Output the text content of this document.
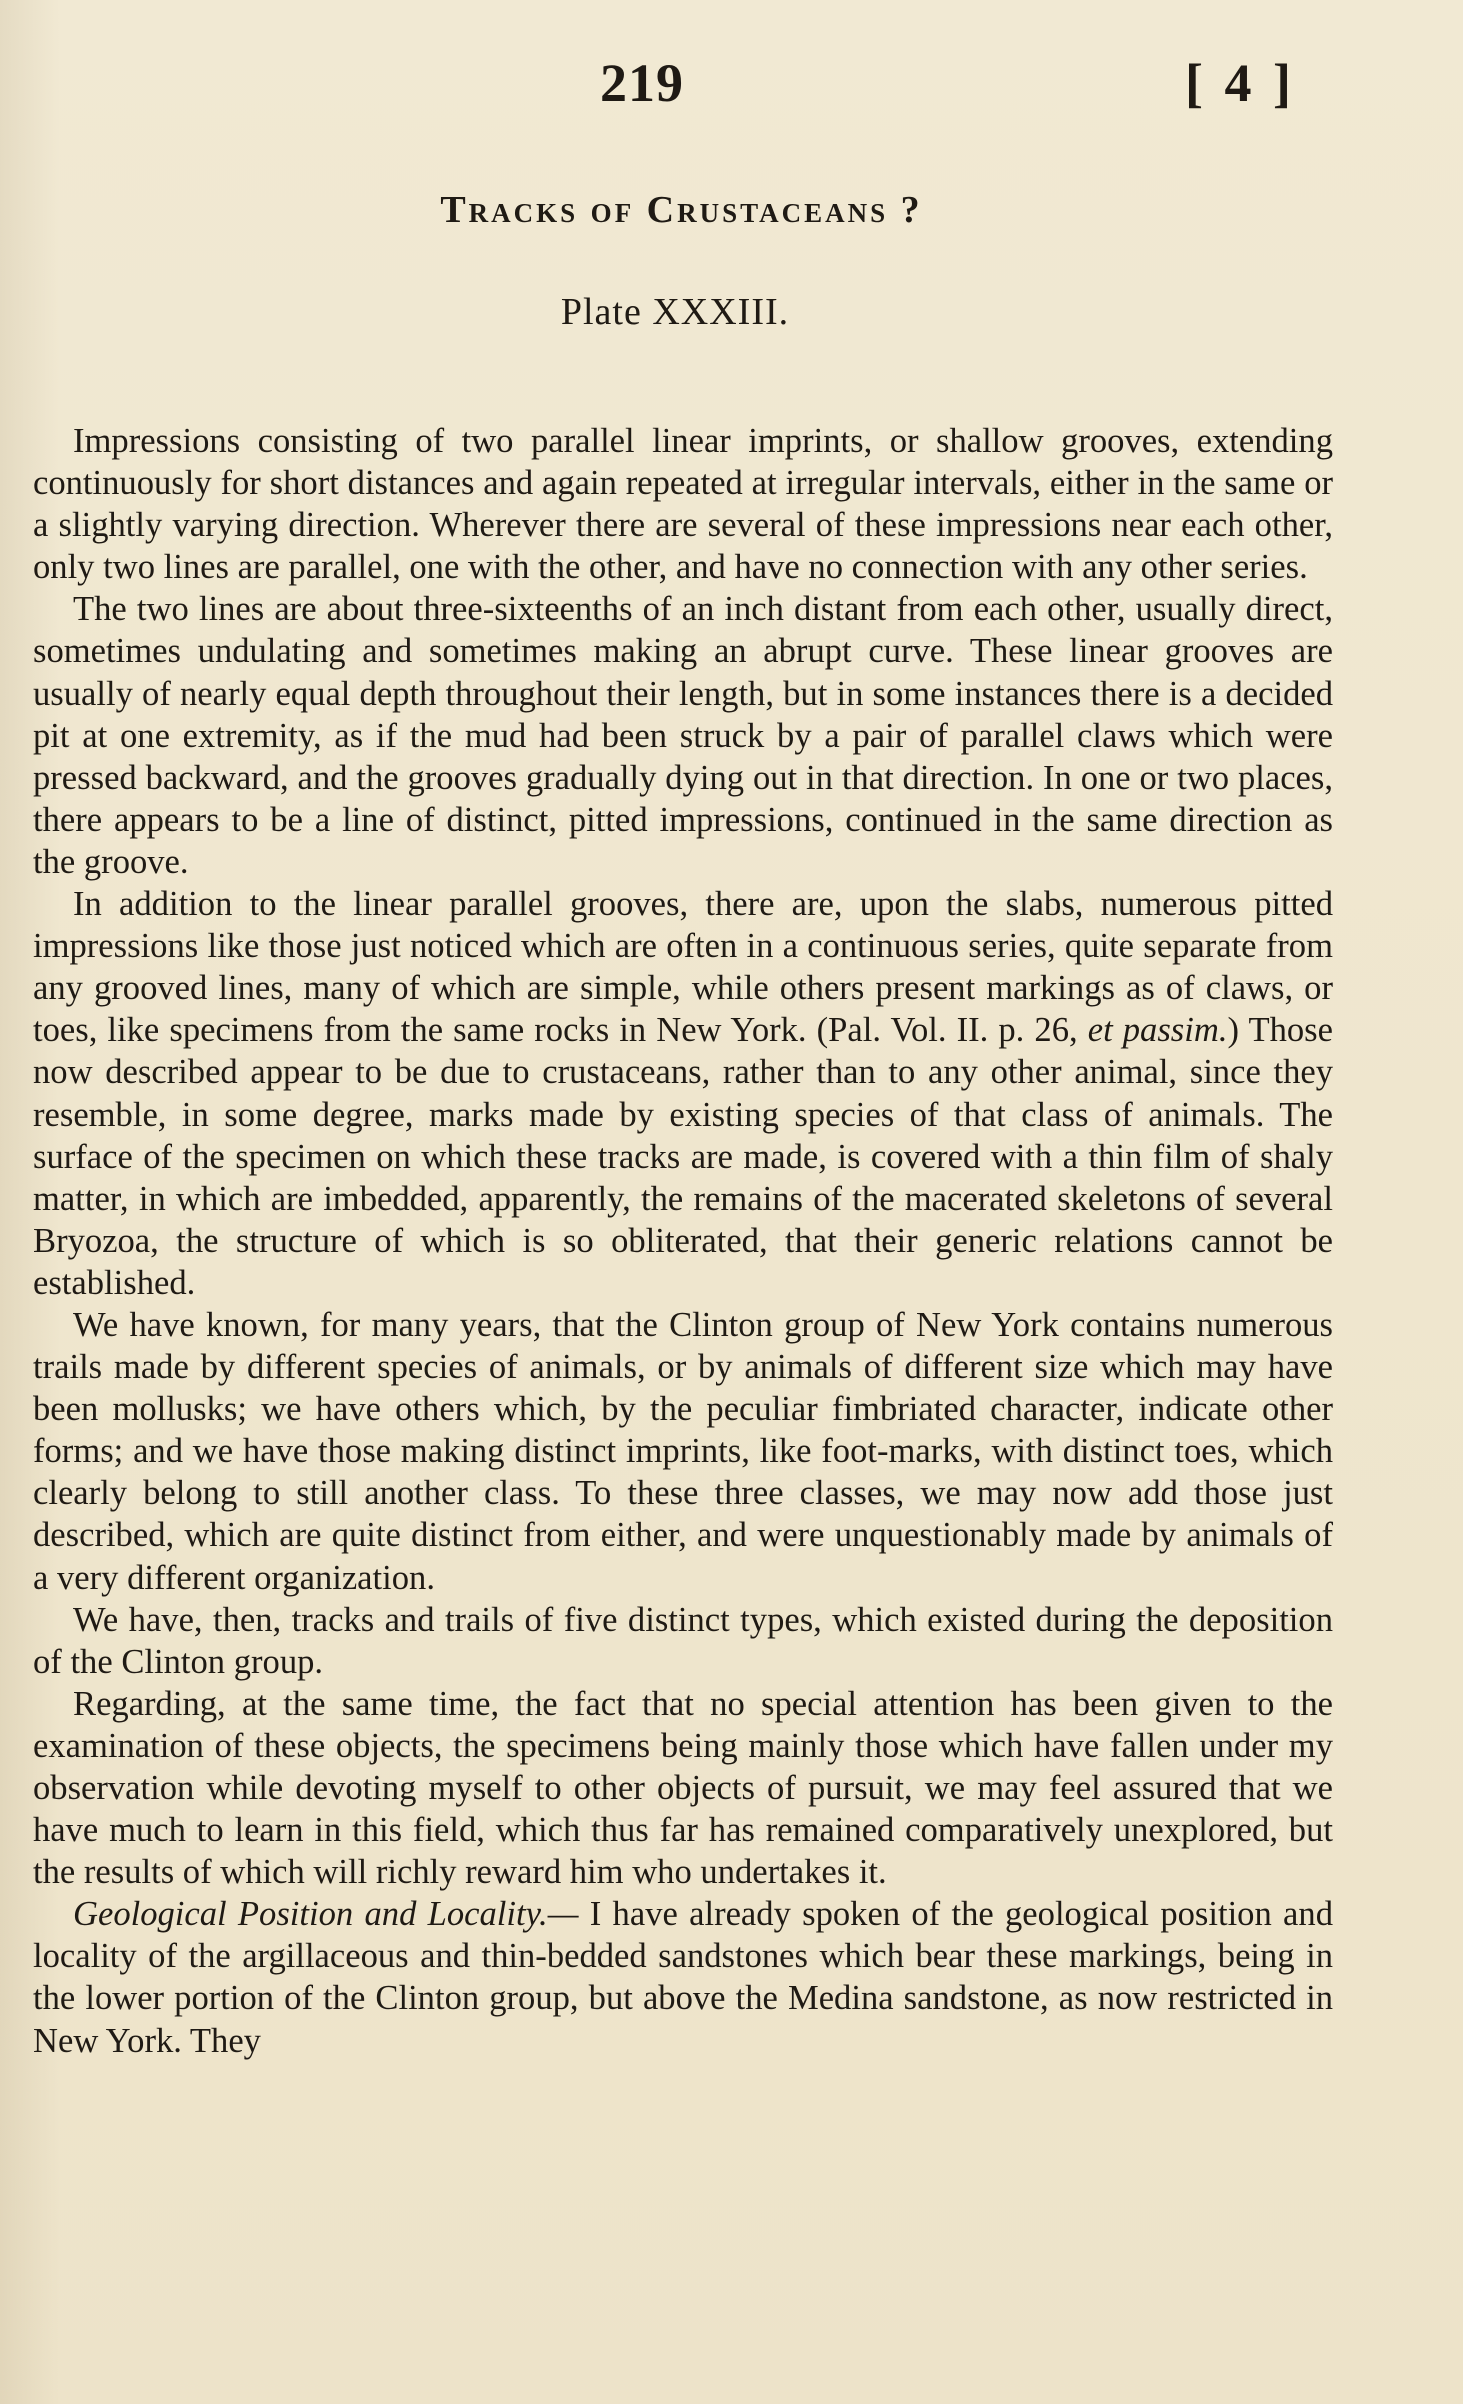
219	[ 4 ]
Tracks of Crustaceans ?
Plate XXXIII.

Impressions consisting of two parallel linear imprints, or shallow grooves, extending continuously for short distances and again repeated at irregular intervals, either in the same or a slightly varying direction. Wherever there are several of these impressions near each other, only two lines are parallel, one with the other, and have no connection with any other series.

The two lines are about three-sixteenths of an inch distant from each other, usually direct, sometimes undulating and sometimes making an abrupt curve. These linear grooves are usually of nearly equal depth throughout their length, but in some instances there is a decided pit at one extremity, as if the mud had been struck by a pair of parallel claws which were pressed backward, and the grooves gradually dying out in that direction. In one or two places, there appears to be a line of distinct, pitted impressions, continued in the same direction as the groove.

In addition to the linear parallel grooves, there are, upon the slabs, numerous pitted impressions like those just noticed which are often in a continuous series, quite separate from any grooved lines, many of which are simple, while others present markings as of claws, or toes, like specimens from the same rocks in New York. (Pal. Vol. II. p. 26, et passim.) Those now described appear to be due to crustaceans, rather than to any other animal, since they resemble, in some degree, marks made by existing species of that class of animals. The surface of the specimen on which these tracks are made, is covered with a thin film of shaly matter, in which are imbedded, apparently, the remains of the macerated skeletons of several Bryozoa, the structure of which is so obliterated, that their generic relations cannot be established.

We have known, for many years, that the Clinton group of New York contains numerous trails made by different species of animals, or by animals of different size which may have been mollusks; we have others which, by the peculiar fimbriated character, indicate other forms; and we have those making distinct imprints, like foot-marks, with distinct toes, which clearly belong to still another class. To these three classes, we may now add those just described, which are quite distinct from either, and were unquestionably made by animals of a very different organization.

We have, then, tracks and trails of five distinct types, which existed during the deposition of the Clinton group.

Regarding, at the same time, the fact that no special attention has been given to the examination of these objects, the specimens being mainly those which have fallen under my observation while devoting myself to other objects of pursuit, we may feel assured that we have much to learn in this field, which thus far has remained comparatively unexplored, but the results of which will richly reward him who undertakes it.

Geological Position and Locality.— I have already spoken of the geological position and locality of the argillaceous and thin-bedded sandstones which bear these markings, being in the lower portion of the Clinton group, but above the Medina sandstone, as now restricted in New York. They
